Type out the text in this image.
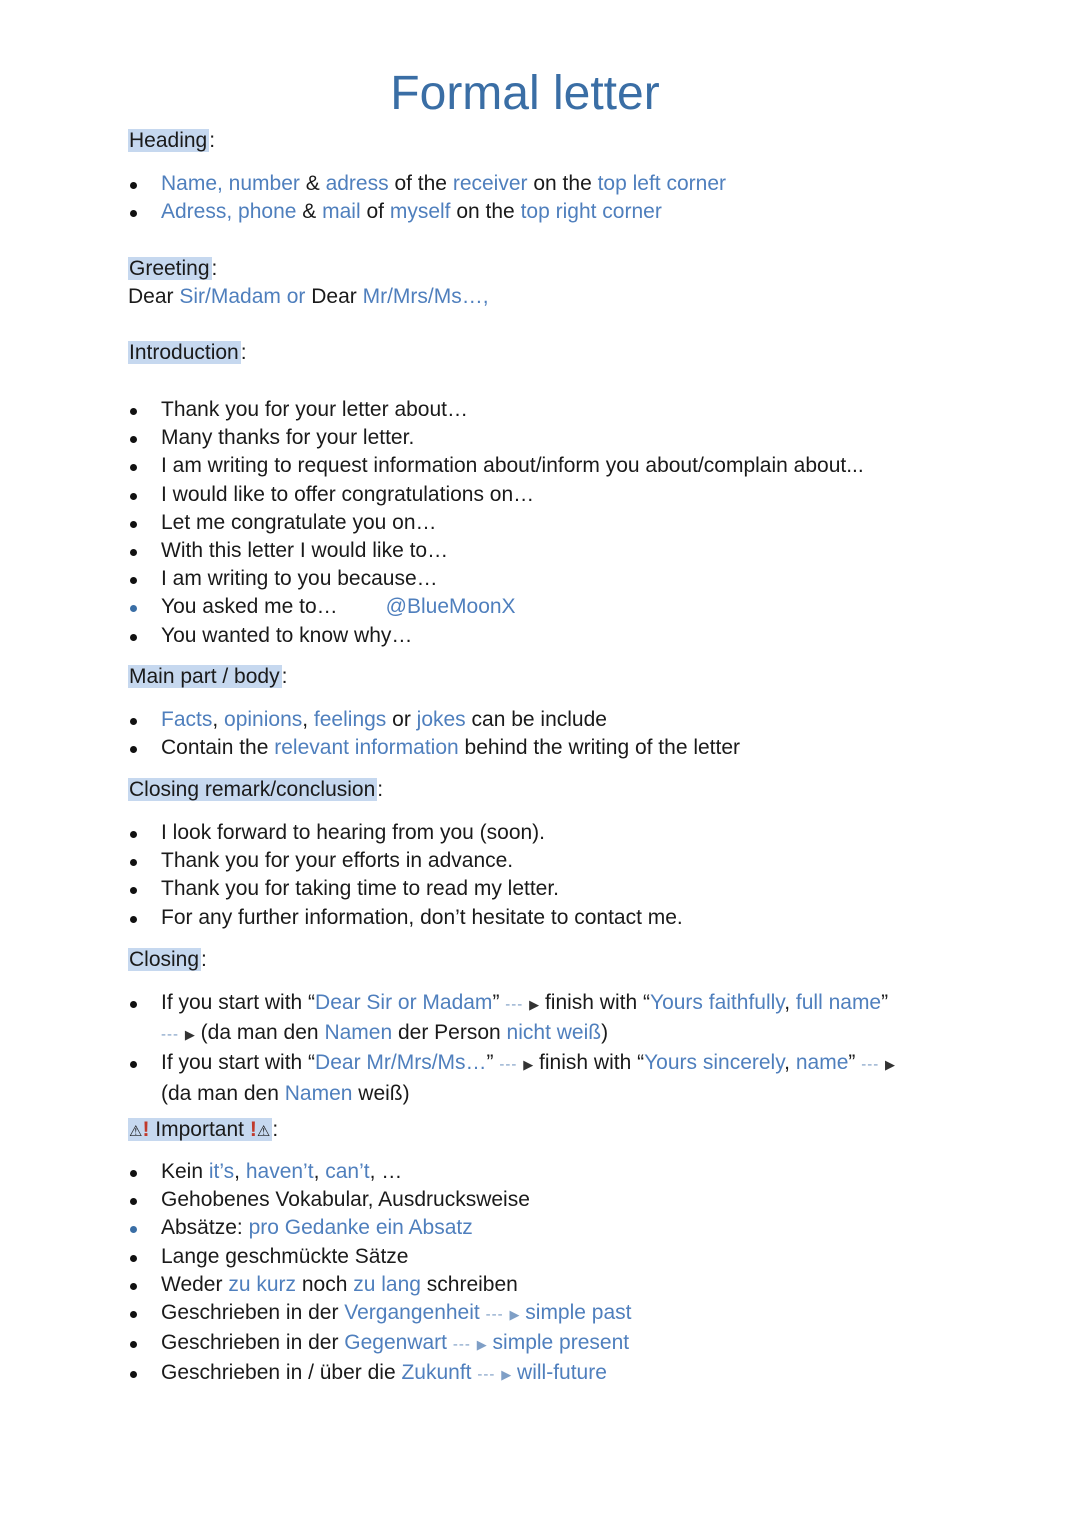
Formal letter
Heading:
Name, number & adress of the receiver on the top left corner
Adress, phone & mail of myself on the top right corner
Greeting:
Dear Sir/Madam or Dear Mr/Mrs/Ms…,
Introduction:
Thank you for your letter about…
Many thanks for your letter.
I am writing to request information about/inform you about/complain about...
I would like to offer congratulations on…
Let me congratulate you on…
With this letter I would like to…
I am writing to you because…
You asked me to… @BlueMoonX
You wanted to know why…
Main part / body:
Facts, opinions, feelings or jokes can be include
Contain the relevant information behind the writing of the letter
Closing remark/conclusion:
I look forward to hearing from you (soon).
Thank you for your efforts in advance.
Thank you for taking time to read my letter.
For any further information, don’t hesitate to contact me.
Closing:
If you start with “Dear Sir or Madam” --- ▶ finish with “Yours faithfully, full name”
--- ▶ (da man den Namen der Person nicht weiß)
If you start with “Dear Mr/Mrs/Ms…” --- ▶ finish with “Yours sincerely, name” --- ▶
(da man den Namen weiß)
⚠! Important !⚠:
Kein it’s, haven’t, can’t, …
Gehobenes Vokabular, Ausdrucksweise
Absätze: pro Gedanke ein Absatz
Lange geschmückte Sätze
Weder zu kurz noch zu lang schreiben
Geschrieben in der Vergangenheit --- ▶ simple past
Geschrieben in der Gegenwart --- ▶ simple present
Geschrieben in / über die Zukunft --- ▶ will-future
